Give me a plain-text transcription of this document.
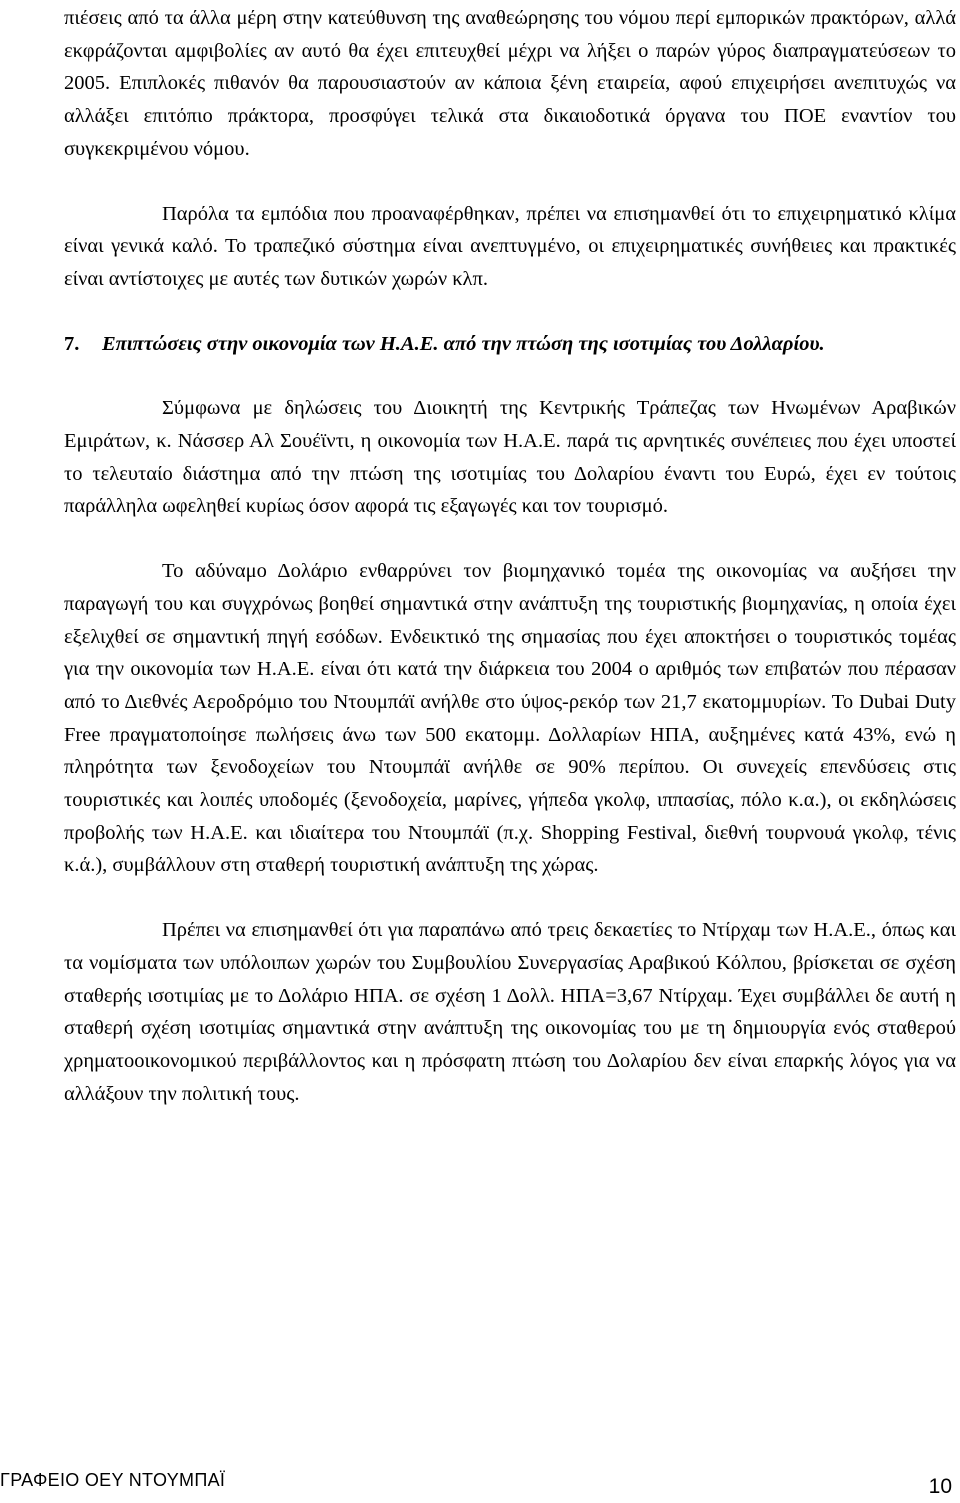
πιέσεις από τα άλλα μέρη στην κατεύθυνση της αναθεώρησης του νόμου περί εμπορικών πρακτόρων, αλλά εκφράζονται αμφιβολίες αν αυτό θα έχει επιτευχθεί μέχρι να λήξει ο παρών γύρος διαπραγματεύσεων το 2005. Επιπλοκές πιθανόν θα παρουσιαστούν αν κάποια ξένη εταιρεία, αφού επιχειρήσει ανεπιτυχώς να αλλάξει επιτόπιο πράκτορα, προσφύγει τελικά στα δικαιοδοτικά όργανα του ΠΟΕ εναντίον του συγκεκριμένου νόμου.

Παρόλα τα εμπόδια που προαναφέρθηκαν, πρέπει να επισημανθεί ότι το επιχειρηματικό κλίμα είναι γενικά καλό. Το τραπεζικό σύστημα είναι ανεπτυγμένο, οι επιχειρηματικές συνήθειες και πρακτικές είναι αντίστοιχες με αυτές των δυτικών χωρών κλπ.

7.	Επιπτώσεις στην οικονομία των Η.Α.Ε. από την πτώση της ισοτιμίας του Δολλαρίου.

Σύμφωνα με δηλώσεις του Διοικητή της Κεντρικής Τράπεζας των Ηνωμένων Αραβικών Εμιράτων, κ. Νάσσερ Αλ Σουέϊντι, η οικονομία των Η.Α.Ε. παρά τις αρνητικές συνέπειες που έχει υποστεί το τελευταίο διάστημα από την πτώση της ισοτιμίας του Δολαρίου έναντι του Ευρώ, έχει εν τούτοις παράλληλα ωφεληθεί κυρίως όσον αφορά τις εξαγωγές και τον τουρισμό.

Το αδύναμο Δολάριο ενθαρρύνει τον βιομηχανικό τομέα της οικονομίας να αυξήσει την παραγωγή του και συγχρόνως βοηθεί σημαντικά στην ανάπτυξη της τουριστικής βιομηχανίας, η οποία έχει εξελιχθεί σε σημαντική πηγή εσόδων. Ενδεικτικό της σημασίας που έχει αποκτήσει ο τουριστικός τομέας για την οικονομία των Η.Α.Ε. είναι ότι κατά την διάρκεια του 2004 ο αριθμός των επιβατών που πέρασαν από το Διεθνές Αεροδρόμιο του Ντουμπάϊ ανήλθε στο ύψος-ρεκόρ των 21,7 εκατομμυρίων. Το Dubai Duty Free πραγματοποίησε πωλήσεις άνω των 500 εκατομμ. Δολλαρίων ΗΠΑ, αυξημένες κατά 43%, ενώ η πληρότητα των ξενοδοχείων του Ντουμπάϊ ανήλθε σε 90% περίπου. Οι συνεχείς επενδύσεις στις τουριστικές και λοιπές υποδομές (ξενοδοχεία, μαρίνες, γήπεδα γκολφ, ιππασίας, πόλο κ.α.), οι εκδηλώσεις προβολής των Η.Α.Ε. και ιδιαίτερα του Ντουμπάϊ (π.χ. Shopping Festival, διεθνή τουρνουά γκολφ, τένις κ.ά.), συμβάλλουν στη σταθερή τουριστική ανάπτυξη της χώρας.

Πρέπει να επισημανθεί ότι για παραπάνω από τρεις δεκαετίες το Ντίρχαμ των Η.Α.Ε., όπως και τα νομίσματα των υπόλοιπων χωρών του Συμβουλίου Συνεργασίας Αραβικού Κόλπου, βρίσκεται σε σχέση σταθερής ισοτιμίας με το Δολάριο ΗΠΑ. σε σχέση 1 Δολλ. ΗΠΑ=3,67 Ντίρχαμ. Έχει συμβάλλει δε αυτή η σταθερή σχέση ισοτιμίας σημαντικά στην ανάπτυξη της οικονομίας του με τη δημιουργία ενός σταθερού χρηματοοικονομικού περιβάλλοντος και η πρόσφατη πτώση του Δολαρίου δεν είναι επαρκής λόγος για να αλλάξουν την πολιτική τους.

ΓΡΑΦΕΙΟ ΟΕΥ ΝΤΟΥΜΠΑΪ	10
